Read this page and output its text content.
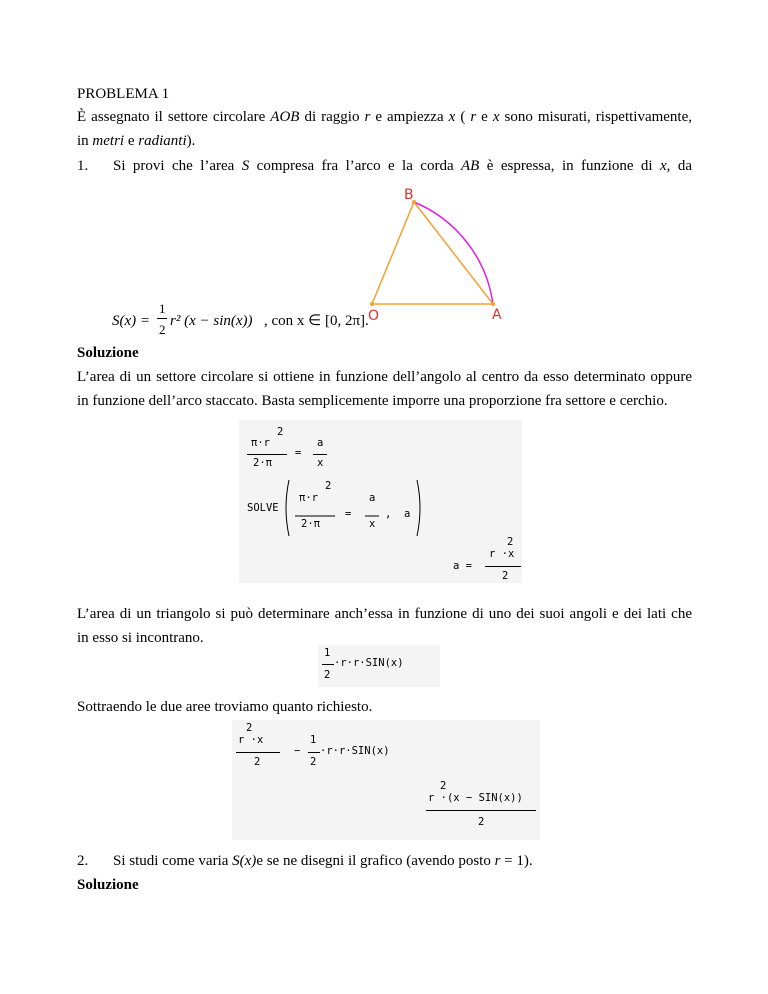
PROBLEMA 1
È assegnato il settore circolare AOB di raggio r e ampiezza x ( r e x sono misurati, rispettivamente,
in metri e radianti).
1. Si provi che l’area S compresa fra l’arco e la corda AB è espressa, in funzione di x, da
B
A
O
S(x) =
1
2
r² (x − sin(x)) , con x ∈ [0, 2π].
Soluzione
L’area di un settore circolare si ottiene in funzione dell’angolo al centro da esso determinato oppure
in funzione dell’arco staccato. Basta semplicemente imporre una proporzione fra settore e cerchio.
2
π·r	a
=
2·π	x
SOLVE
2
π·r	a
=	,  a
2·π	x
2
r ·x
a =
2
L’area di un triangolo si può determinare anch’essa in funzione di uno dei suoi angoli e dei lati che
in esso si incontrano.
1
·r·r·SIN(x)
2
Sottraendo le due aree troviamo quanto richiesto.
2
r ·x
2
−
1
·r·r·SIN(x)
2
2
r ·(x − SIN(x))
2
2. Si studi come varia S(x)e se ne disegni il grafico (avendo posto r = 1).
Soluzione
